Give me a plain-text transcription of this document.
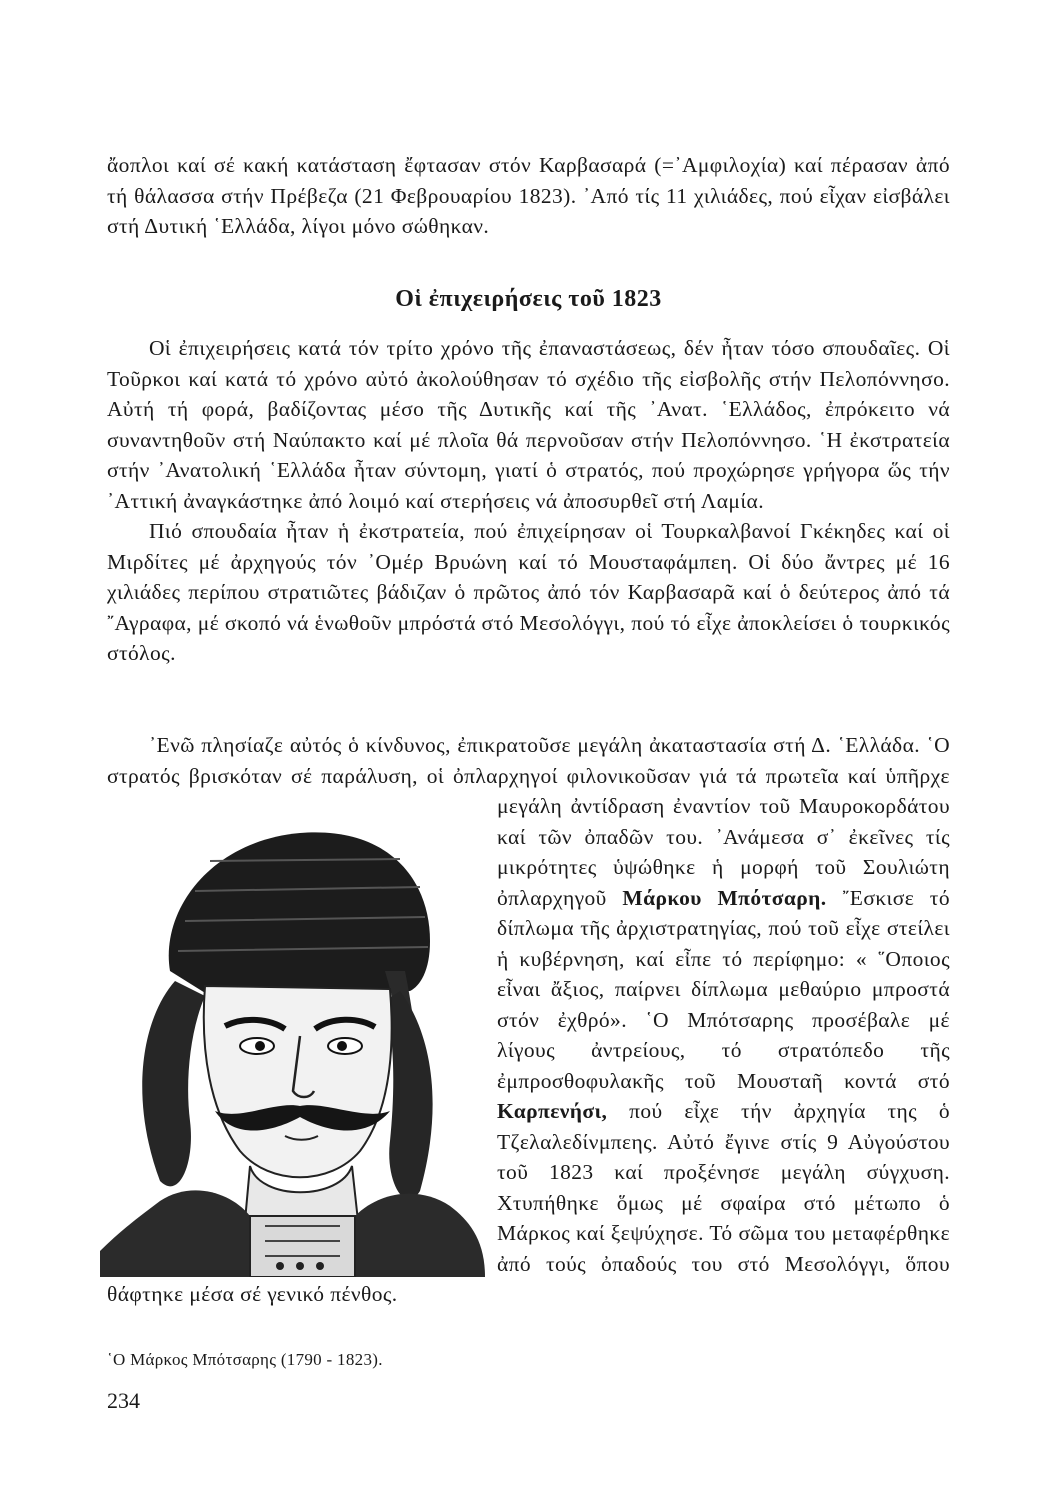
ἄοπλοι καί σέ κακή κατάσταση ἔφτασαν στόν Καρβασαρά (=᾿Αμφιλοχία) καί πέρασαν ἀπό τή θάλασσα στήν Πρέβεζα (21 Φεβρουαρίου 1823). ᾿Από τίς 11 χιλιάδες, πού εἶχαν εἰσβάλει στή Δυτική ῾Ελλάδα, λίγοι μόνο σώθηκαν.

Οἱ ἐπιχειρήσεις τοῦ 1823

Οἱ ἐπιχειρήσεις κατά τόν τρίτο χρόνο τῆς ἐπαναστάσεως, δέν ἦταν τόσο σπουδαῖες. Οἱ Τοῦρκοι καί κατά τό χρόνο αὐτό ἀκολούθησαν τό σχέδιο τῆς εἰσβολῆς στήν Πελοπόννησο. Αὐτή τή φορά, βαδίζοντας μέσο τῆς Δυτικῆς καί τῆς ᾿Ανατ. ῾Ελλάδος, ἐπρόκειτο νά συναντηθοῦν στή Ναύπακτο καί μέ πλοῖα θά περνοῦσαν στήν Πελοπόννησο. ῾Η ἐκστρατεία στήν ᾿Ανατολική ῾Ελλάδα ἦταν σύντομη, γιατί ὁ στρατός, πού προχώρησε γρήγορα ὥς τήν ᾿Αττική ἀναγκάστηκε ἀπό λοιμό καί στερήσεις νά ἀποσυρθεῖ στή Λαμία.

Πιό σπουδαία ἦταν ἡ ἐκστρατεία, πού ἐπιχείρησαν οἱ Τουρκαλβανοί Γκέκηδες καί οἱ Μιρδίτες μέ ἀρχηγούς τόν ᾿Ομέρ Βρυώνη καί τό Μουσταφάμπεη. Οἱ δύο ἄντρες μέ 16 χιλιάδες περίπου στρατιῶτες βάδιζαν ὁ πρῶτος ἀπό τόν Καρβασαρᾶ καί ὁ δεύτερος ἀπό τά ῎Αγραφα, μέ σκοπό νά ἑνωθοῦν μπρόστά στό Μεσολόγγι, πού τό εἶχε ἀποκλείσει ὁ τουρκικός στόλος.

᾿Ενῶ πλησίαζε αὐτός ὁ κίνδυνος, ἐπικρατοῦσε μεγάλη ἀκαταστασία στή Δ. ῾Ελλάδα. ῾Ο στρατός βρισκόταν σέ παράλυση, οἱ ὀπλαρχηγοί φιλονικοῦσαν γιά τά πρωτεῖα καί ὑπῆρχε μεγάλη ἀντίδραση ἐναντίον τοῦ Μαυροκορδάτου καί τῶν ὀπαδῶν του. ᾿Ανάμεσα σ᾿ ἐκεῖνες τίς μικρότητες ὑψώθηκε ἡ μορφή τοῦ Σουλιώτη ὀπλαρχηγοῦ Μάρκου Μπότσαρη. ῎Εσκισε τό δίπλωμα τῆς ἀρχιστρατηγίας, πού τοῦ εἶχε στείλει ἡ κυβέρνηση, καί εἶπε τό περίφημο: « ῞Οποιος εἶναι ἄξιος, παίρνει δίπλωμα μεθαύριο μπροστά στόν ἐχθρό». ῾Ο Μπότσαρης προσέβαλε μέ λίγους ἀντρείους, τό στρατόπεδο τῆς ἐμπροσθοφυλακῆς τοῦ Μουσταῆ κοντά στό Καρπενήσι, πού εἶχε τήν ἀρχηγία της ὁ Τζελαλεδίνμπεης. Αὐτό ἔγινε στίς 9 Αὐγούστου τοῦ 1823 καί προξένησε μεγάλη σύγχυση. Χτυπήθηκε ὅμως μέ σφαίρα στό μέτωπο ὁ Μάρκος καί ξεψύχησε. Τό σῶμα του μεταφέρθηκε ἀπό τούς ὀπαδούς του στό Μεσολόγγι, ὅπου θάφτηκε μέσα σέ γενικό πένθος.

῾Ο Μάρκος Μπότσαρης (1790 - 1823).
234
